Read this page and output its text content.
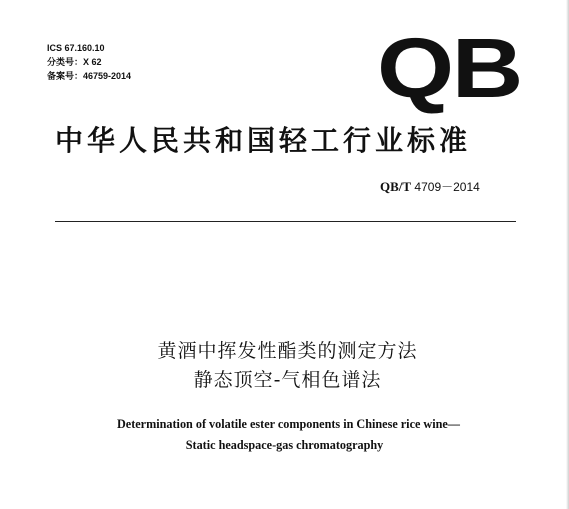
ICS 67.160.10
分类号：X 62
备案号：46759-2014	QB
中华人民共和国轻工行业标准
QB/T 4709－2014
黄酒中挥发性酯类的测定方法
静态顶空-气相色谱法
Determination of volatile ester components in Chinese rice wine—
Static headspace-gas chromatography
